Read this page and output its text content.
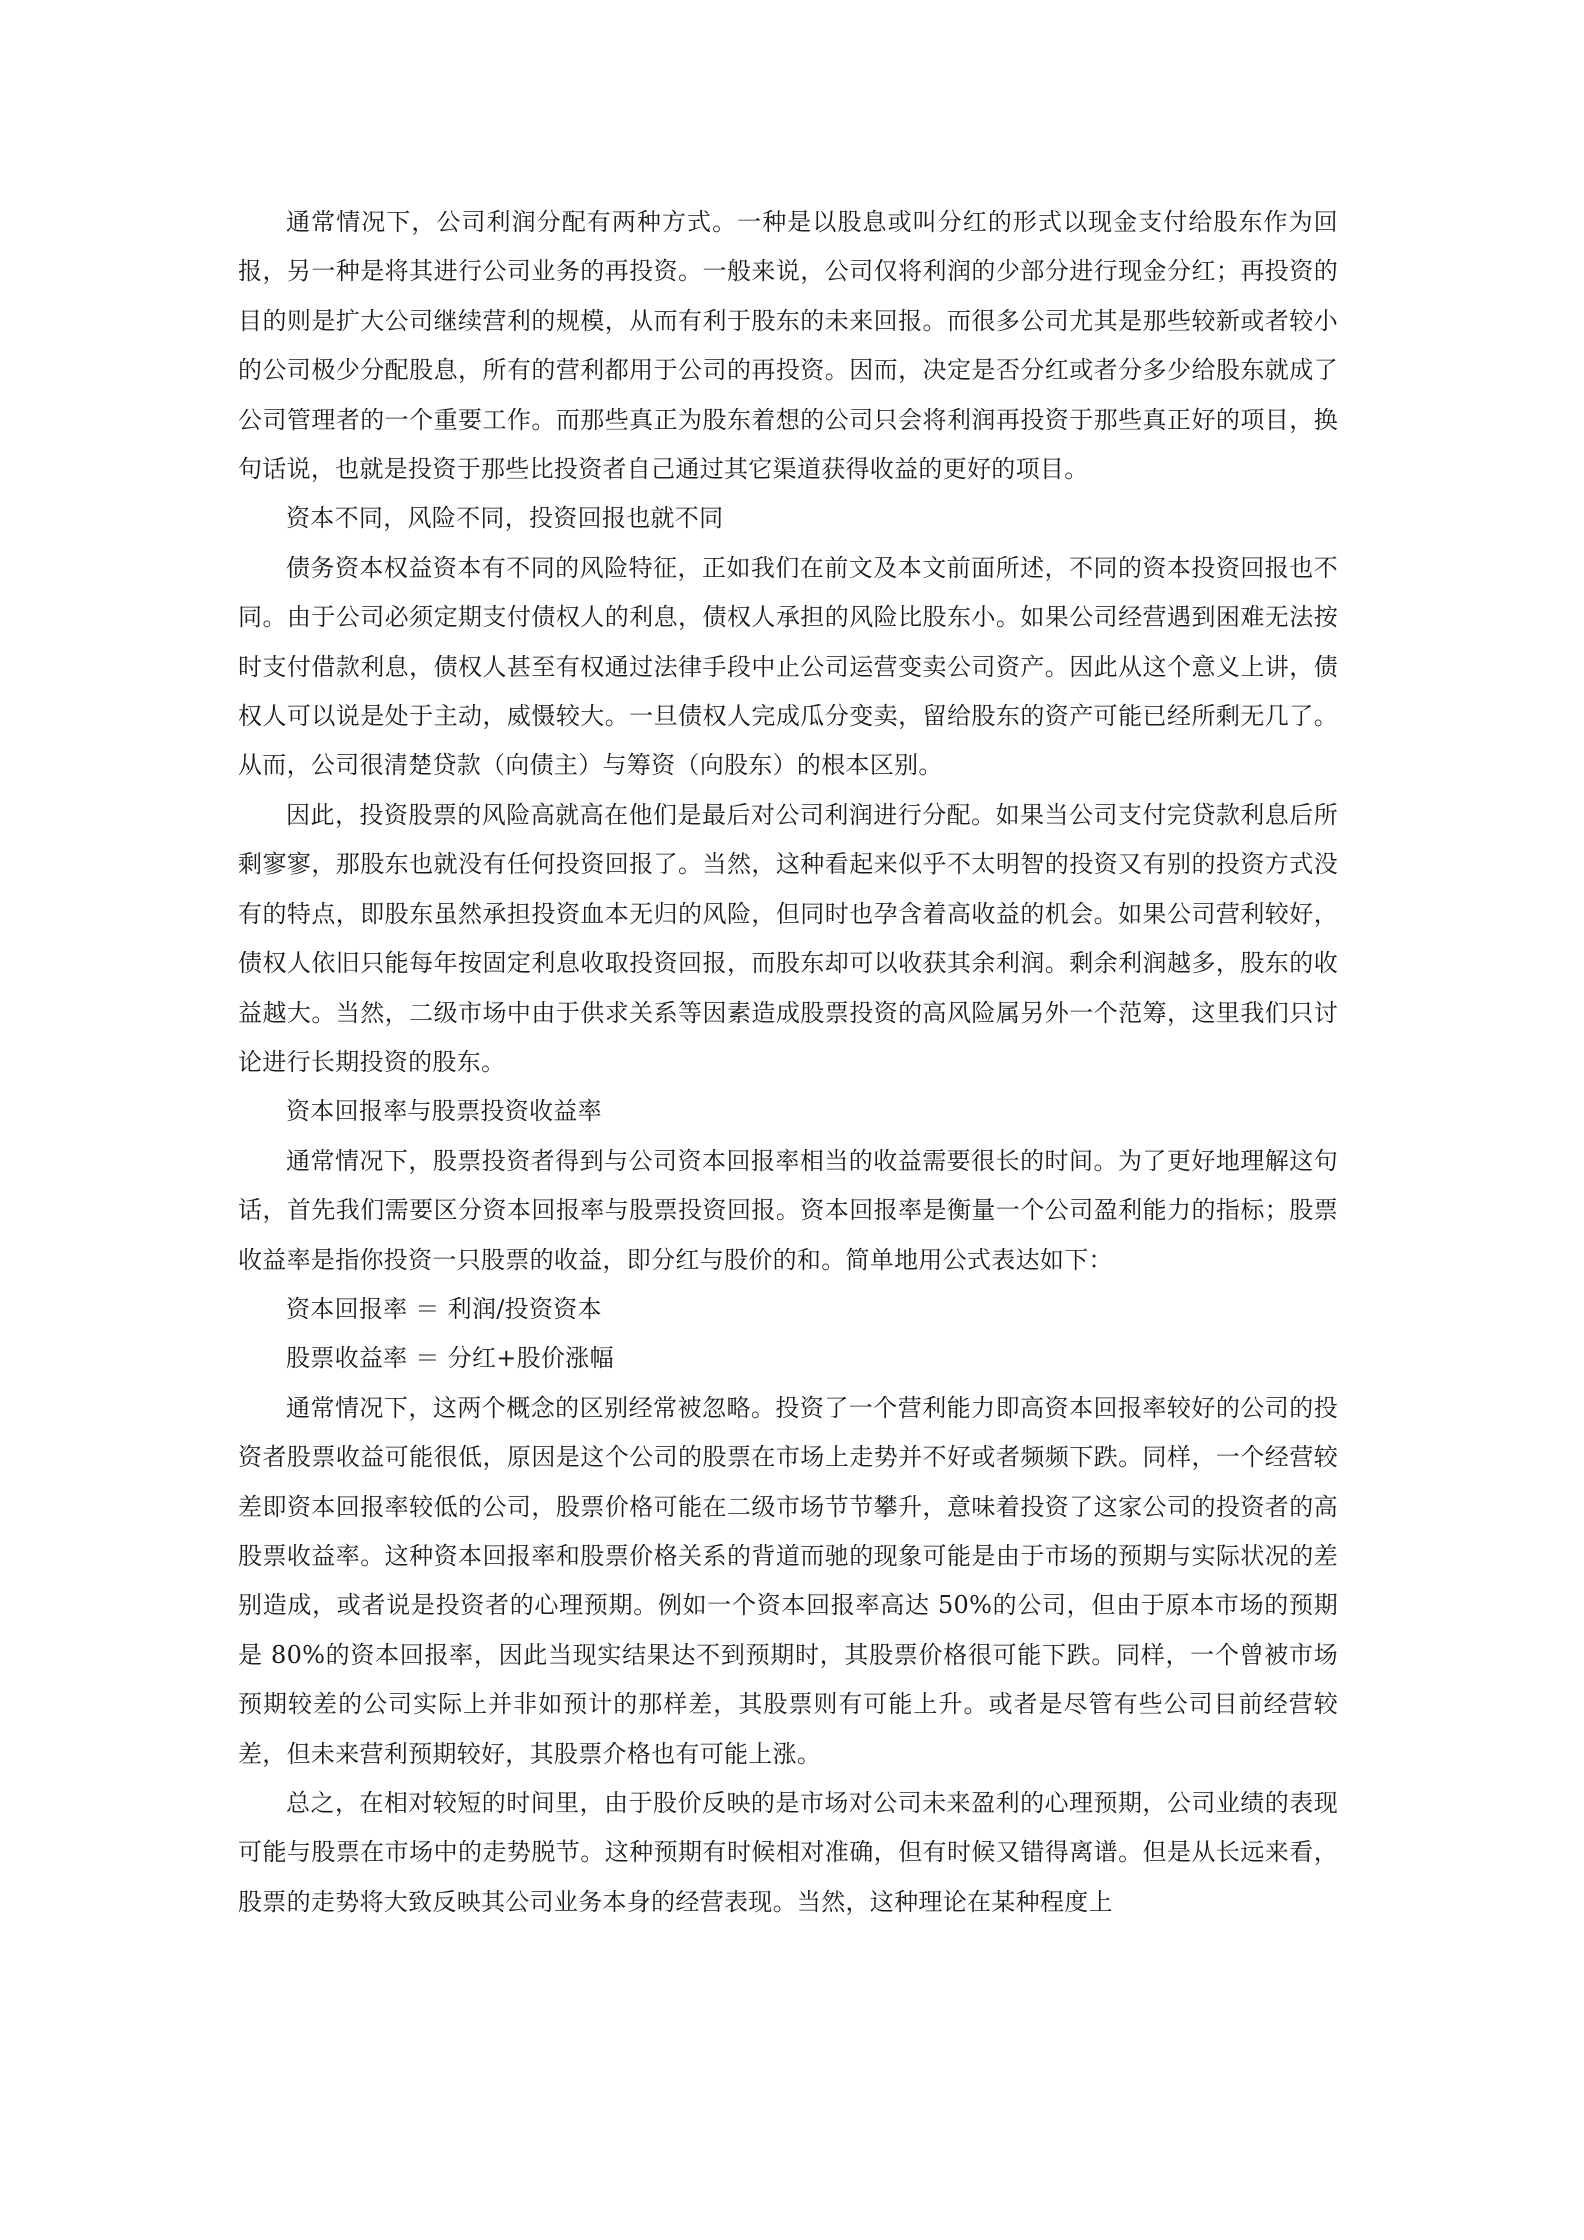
通常情况下，公司利润分配有两种方式。一种是以股息或叫分红的形式以现金支付给股东作为回报，另一种是将其进行公司业务的再投资。一般来说，公司仅将利润的少部分进行现金分红；再投资的目的则是扩大公司继续营利的规模，从而有利于股东的未来回报。而很多公司尤其是那些较新或者较小的公司极少分配股息，所有的营利都用于公司的再投资。因而，决定是否分红或者分多少给股东就成了公司管理者的一个重要工作。而那些真正为股东着想的公司只会将利润再投资于那些真正好的项目，换句话说，也就是投资于那些比投资者自己通过其它渠道获得收益的更好的项目。

资本不同，风险不同，投资回报也就不同

债务资本权益资本有不同的风险特征，正如我们在前文及本文前面所述，不同的资本投资回报也不同。由于公司必须定期支付债权人的利息，债权人承担的风险比股东小。如果公司经营遇到困难无法按时支付借款利息，债权人甚至有权通过法律手段中止公司运营变卖公司资产。因此从这个意义上讲，债权人可以说是处于主动，威慑较大。一旦债权人完成瓜分变卖，留给股东的资产可能已经所剩无几了。从而，公司很清楚贷款（向债主）与筹资（向股东）的根本区别。

因此，投资股票的风险高就高在他们是最后对公司利润进行分配。如果当公司支付完贷款利息后所剩寥寥，那股东也就没有任何投资回报了。当然，这种看起来似乎不太明智的投资又有别的投资方式没有的特点，即股东虽然承担投资血本无归的风险，但同时也孕含着高收益的机会。如果公司营利较好，债权人依旧只能每年按固定利息收取投资回报，而股东却可以收获其余利润。剩余利润越多，股东的收益越大。当然，二级市场中由于供求关系等因素造成股票投资的高风险属另外一个范筹，这里我们只讨论进行长期投资的股东。

资本回报率与股票投资收益率

通常情况下，股票投资者得到与公司资本回报率相当的收益需要很长的时间。为了更好地理解这句话，首先我们需要区分资本回报率与股票投资回报。资本回报率是衡量一个公司盈利能力的指标；股票收益率是指你投资一只股票的收益，即分红与股价的和。简单地用公式表达如下：

资本回报率 ＝ 利润/投资资本

股票收益率 ＝ 分红+股价涨幅

通常情况下，这两个概念的区别经常被忽略。投资了一个营利能力即高资本回报率较好的公司的投资者股票收益可能很低，原因是这个公司的股票在市场上走势并不好或者频频下跌。同样，一个经营较差即资本回报率较低的公司，股票价格可能在二级市场节节攀升，意味着投资了这家公司的投资者的高股票收益率。这种资本回报率和股票价格关系的背道而驰的现象可能是由于市场的预期与实际状况的差别造成，或者说是投资者的心理预期。例如一个资本回报率高达 50%的公司，但由于原本市场的预期是 80%的资本回报率，因此当现实结果达不到预期时，其股票价格很可能下跌。同样，一个曾被市场预期较差的公司实际上并非如预计的那样差，其股票则有可能上升。或者是尽管有些公司目前经营较差，但未来营利预期较好，其股票介格也有可能上涨。

总之，在相对较短的时间里，由于股价反映的是市场对公司未来盈利的心理预期，公司业绩的表现可能与股票在市场中的走势脱节。这种预期有时候相对准确，但有时候又错得离谱。但是从长远来看，股票的走势将大致反映其公司业务本身的经营表现。当然，这种理论在某种程度上
